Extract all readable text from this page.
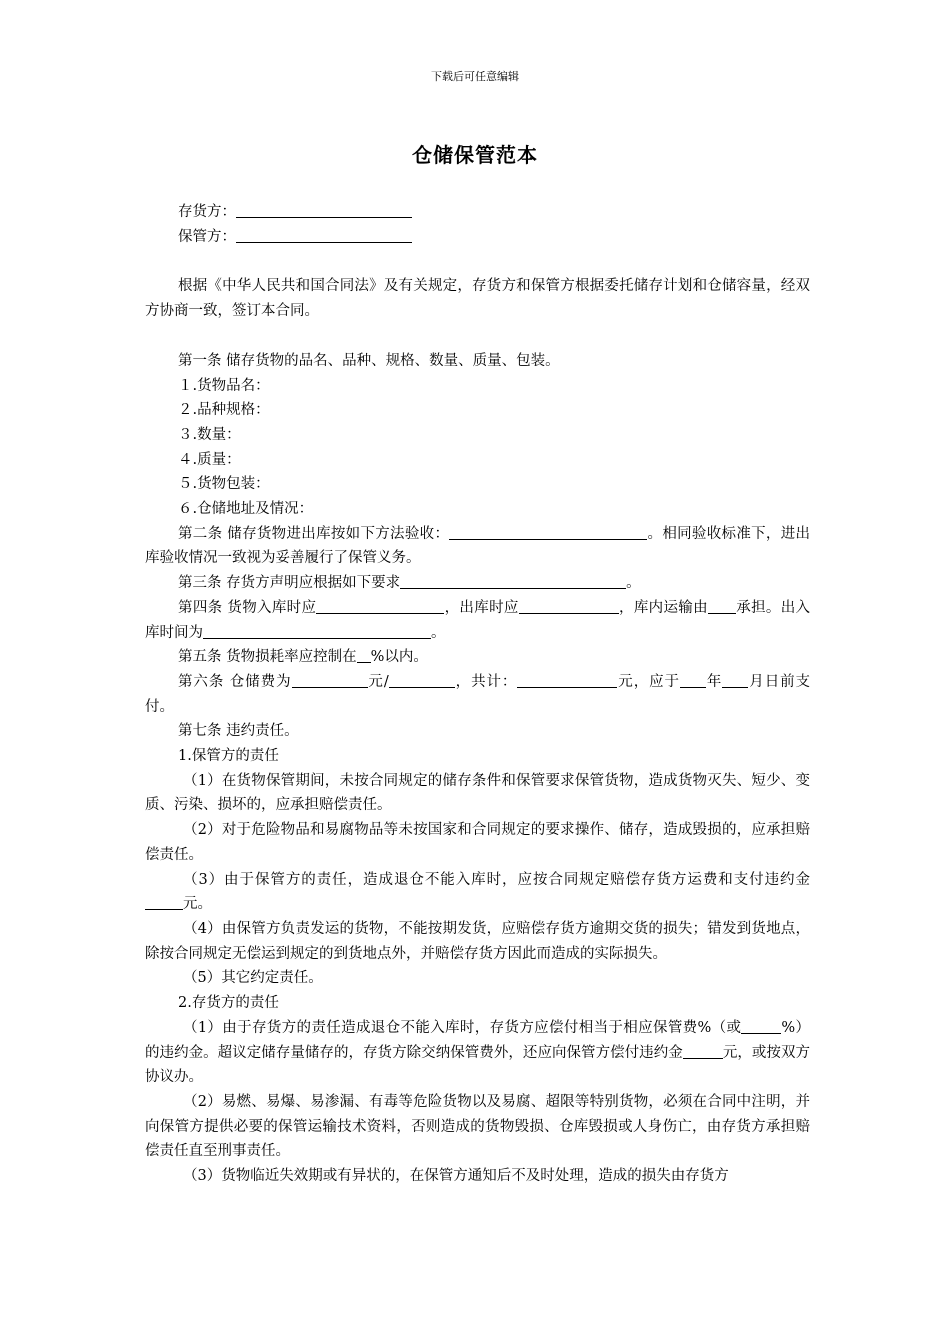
下载后可任意编辑
仓储保管范本

存货方：

保管方：

根据《中华人民共和国合同法》及有关规定，存货方和保管方根据委托储存计划和仓储容量，经双方协商一致，签订本合同。

第一条 储存货物的品名、品种、规格、数量、质量、包装。

１.货物品名：

２.品种规格：

３.数量：

４.质量：

５.货物包装：

６.仓储地址及情况：

第二条 储存货物进出库按如下方法验收：	。相同验收标准下，进出库验收情况一致视为妥善履行了保管义务。

第三条 存货方声明应根据如下要求	。

第四条 货物入库时应	，出库时应	，库内运输由 承担。出入库时间为	。

第五条 货物损耗率应控制在 %以内。

第六条 仓储费为	元/	，共计：	元，应于 年 月日前支付。

第七条 违约责任。

1.保管方的责任

（1）在货物保管期间，未按合同规定的储存条件和保管要求保管货物，造成货物灭失、短少、变质、污染、损坏的，应承担赔偿责任。

（2）对于危险物品和易腐物品等未按国家和合同规定的要求操作、储存，造成毁损的，应承担赔偿责任。

（3）由于保管方的责任，造成退仓不能入库时，应按合同规定赔偿存货方运费和支付违约金元。

（4）由保管方负责发运的货物，不能按期发货，应赔偿存货方逾期交货的损失；错发到货地点，除按合同规定无偿运到规定的到货地点外，并赔偿存货方因此而造成的实际损失。

（5）其它约定责任。

2.存货方的责任

（1）由于存货方的责任造成退仓不能入库时，存货方应偿付相当于相应保管费%（或	%）的违约金。超议定储存量储存的，存货方除交纳保管费外，还应向保管方偿付违约金	元，或按双方协议办。

（2）易燃、易爆、易渗漏、有毒等危险货物以及易腐、超限等特别货物，必须在合同中注明，并向保管方提供必要的保管运输技术资料，否则造成的货物毁损、仓库毁损或人身伤亡，由存货方承担赔偿责任直至刑事责任。

（3）货物临近失效期或有异状的，在保管方通知后不及时处理，造成的损失由存货方
